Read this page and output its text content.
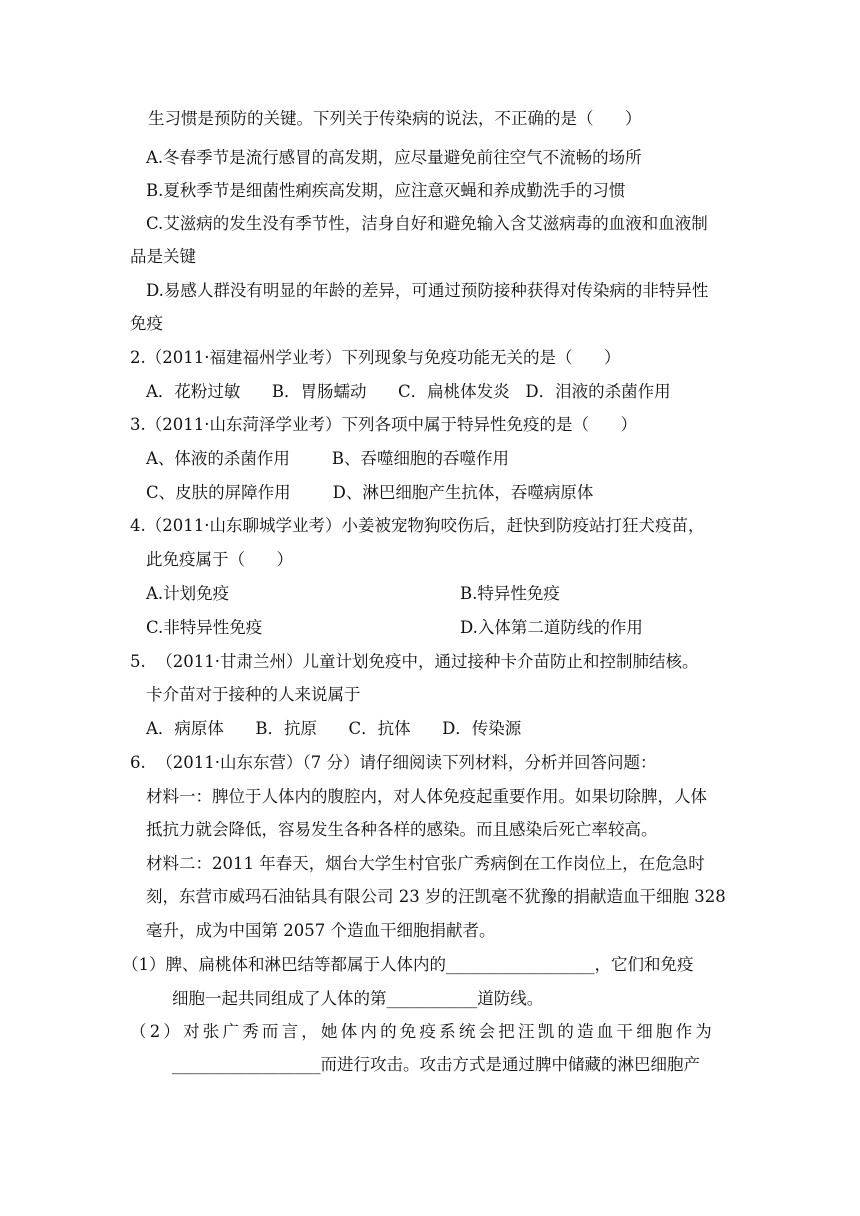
生习惯是预防的关键。下列关于传染病的说法，不正确的是（      ）
A.冬春季节是流行感冒的高发期，应尽量避免前往空气不流畅的场所
B.夏秋季节是细菌性痢疾高发期，应注意灭蝇和养成勤洗手的习惯
C.艾滋病的发生没有季节性，洁身自好和避免输入含艾滋病毒的血液和血液制
品是关键
D.易感人群没有明显的年龄的差异，可通过预防接种获得对传染病的非特异性
免疫
2.（2011·福建福州学业考）下列现象与免疫功能无关的是（      ）
A．花粉过敏      B．胃肠蠕动      C．扁桃体发炎   D．泪液的杀菌作用
3.（2011·山东菏泽学业考）下列各项中属于特异性免疫的是（      ）
A、体液的杀菌作用        B、吞噬细胞的吞噬作用
C、皮肤的屏障作用        D、淋巴细胞产生抗体，吞噬病原体
4.（2011·山东聊城学业考）小姜被宠物狗咬伤后，赶快到防疫站打狂犬疫苗，
此免疫属于（      ）
A.计划免疫	B.特异性免疫
C.非特异性免疫	D.入体第二道防线的作用
5.  （2011·甘肃兰州）儿童计划免疫中，通过接种卡介苗防止和控制肺结核。
卡介苗对于接种的人来说属于
A．病原体      B．抗原      C．抗体      D．传染源
6.  （2011·山东东营）（7 分）请仔细阅读下列材料，分析并回答问题：
材料一：脾位于人体内的腹腔内，对人体免疫起重要作用。如果切除脾，人体
抵抗力就会降低，容易发生各种各样的感染。而且感染后死亡率较高。
材料二：2011 年春天，烟台大学生村官张广秀病倒在工作岗位上，在危急时
刻，东营市威玛石油钻具有限公司 23 岁的汪凯毫不犹豫的捐献造血干细胞 328
毫升，成为中国第 2057 个造血干细胞捐献者。
（1）脾、扁桃体和淋巴结等都属于人体内的__________________，它们和免疫
细胞一起共同组成了人体的第___________道防线。
（2）对张广秀而言，她体内的免疫系统会把汪凯的造血干细胞作为
__________________而进行攻击。攻击方式是通过脾中储藏的淋巴细胞产
